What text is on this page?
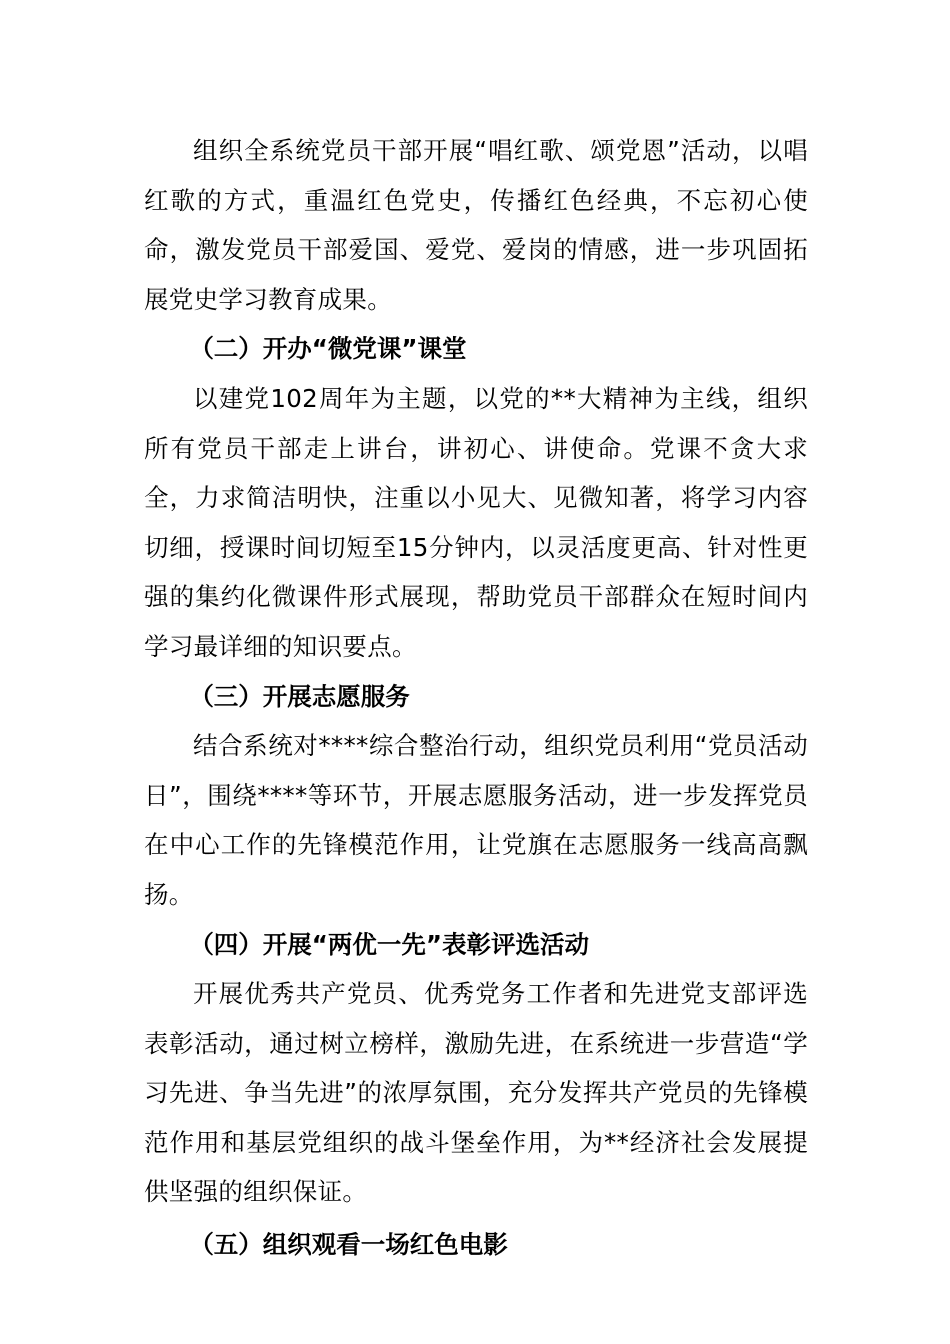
组织全系统党员干部开展“唱红歌、颂党恩”活动，以唱红歌的方式，重温红色党史，传播红色经典，不忘初心使命，激发党员干部爱国、爱党、爱岗的情感，进一步巩固拓展党史学习教育成果。

（二）开办“微党课”课堂

以建党102周年为主题，以党的**大精神为主线，组织所有党员干部走上讲台，讲初心、讲使命。党课不贪大求全，力求简洁明快，注重以小见大、见微知著，将学习内容切细，授课时间切短至15分钟内，以灵活度更高、针对性更强的集约化微课件形式展现，帮助党员干部群众在短时间内学习最详细的知识要点。

（三）开展志愿服务

结合系统对****综合整治行动，组织党员利用“党员活动日”，围绕****等环节，开展志愿服务活动，进一步发挥党员在中心工作的先锋模范作用，让党旗在志愿服务一线高高飘扬。

（四）开展“两优一先”表彰评选活动

开展优秀共产党员、优秀党务工作者和先进党支部评选表彰活动，通过树立榜样，激励先进，在系统进一步营造“学习先进、争当先进”的浓厚氛围，充分发挥共产党员的先锋模范作用和基层党组织的战斗堡垒作用，为**经济社会发展提供坚强的组织保证。

（五）组织观看一场红色电影
